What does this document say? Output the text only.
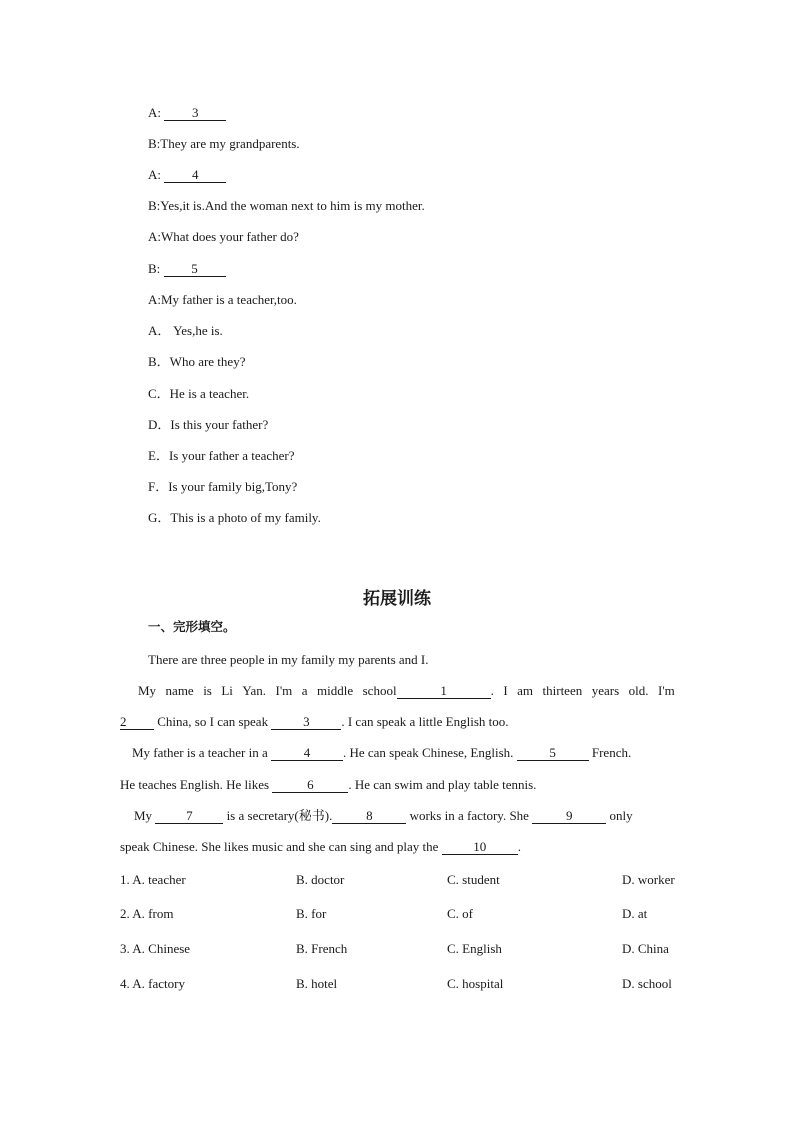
A: 3
B:They are my grandparents.
A: 4
B:Yes,it is.And the woman next to him is my mother.
A:What does your father do?
B: 5
A:My father is a teacher,too.
A． Yes,he is.
B．Who are they?
C．He is a teacher.
D．Is this your father?
E．Is your father a teacher?
F．Is your family big,Tony?
G．This is a photo of my family.
拓展训练
一、完形填空。
There are three people in my family my parents and I.
My name is Li Yan. I'm a middle school	1	. I am thirteen years old. I'm
2 China, so I can speak 3 . I can speak a little English too.
My father is a teacher in a	4	. He can speak Chinese, English.	5	French.
He teaches English. He likes	6	. He can swim and play table tennis.
My 7 is a secretary(秘书).	8	works in a factory. She	9	only
speak Chinese. She likes music and she can sing and play the 10 .
1. A. teacher	B. doctor	C. student	D. worker
2. A. from	B. for	C. of	D. at
3. A. Chinese	B. French	C. English	D. China
4. A. factory	B. hotel	C. hospital	D. school
